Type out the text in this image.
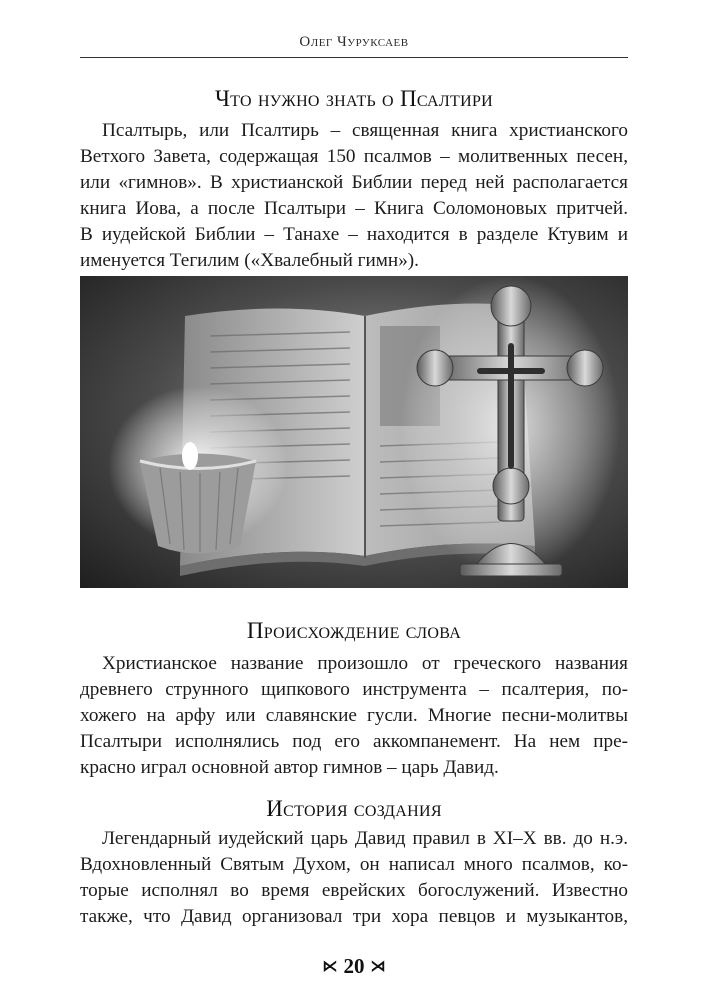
Олег Чуруксаев
Что нужно знать о Псалтири
Псалтырь, или Псалтирь – священная книга христианского
Ветхого Завета, содержащая 150 псалмов – молитвенных песен,
или «гимнов». В христианской Библии перед ней располагается
книга Иова, а после Псалтыри – Книга Соломоновых притчей.
В иудейской Библии – Танахе – находится в разделе Ктувим и
именуется Тегилим («Хвалебный гимн»).
Происхождение слова
Христианское название произошло от греческого названия
древнего струнного щипкового инструмента – псалтерия, по-
хожего на арфу или славянские гусли. Многие песни-молитвы
Псалтыри исполнялись под его аккомпанемент. На нем пре-
красно играл основной автор гимнов – царь Давид.
История создания
Легендарный иудейский царь Давид правил в XI–X вв. до н.э.
Вдохновленный Святым Духом, он написал много псалмов, ко-
торые исполнял во время еврейских богослужений. Известно
также, что Давид организовал три хора певцов и музыкантов,
⋉ 20 ⋊
